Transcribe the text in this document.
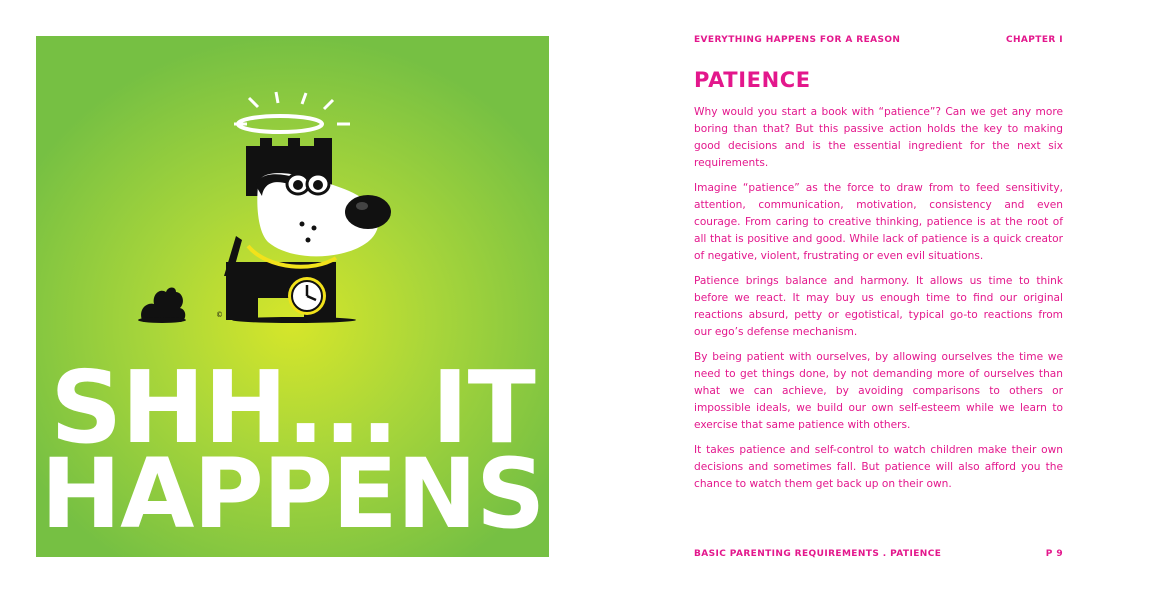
©
SHH... IT
HAPPENS
EVERYTHING HAPPENS FOR A REASON	CHAPTER I
PATIENCE

Why would you start a book with “patience”? Can we get any more boring than that? But this passive action holds the key to making good decisions and is the essential ingredient for the next six requirements.

Imagine “patience” as the force to draw from to feed sensitivity, attention, communication, motivation, consistency and even courage. From caring to creative thinking, patience is at the root of all that is positive and good. While lack of patience is a quick creator of negative, violent, frustrating or even evil situations.

Patience brings balance and harmony. It allows us time to think before we react. It may buy us enough time to find our original reactions absurd, petty or egotistical, typical go-to reactions from our ego’s defense mechanism.

By being patient with ourselves, by allowing ourselves the time we need to get things done, by not demanding more of ourselves than what we can achieve, by avoiding comparisons to others or impossible ideals, we build our own self-esteem while we learn to exercise that same patience with others.

It takes patience and self-control to watch children make their own decisions and sometimes fall. But patience will also afford you the chance to watch them get back up on their own.

BASIC PARENTING REQUIREMENTS . PATIENCE	P 9
